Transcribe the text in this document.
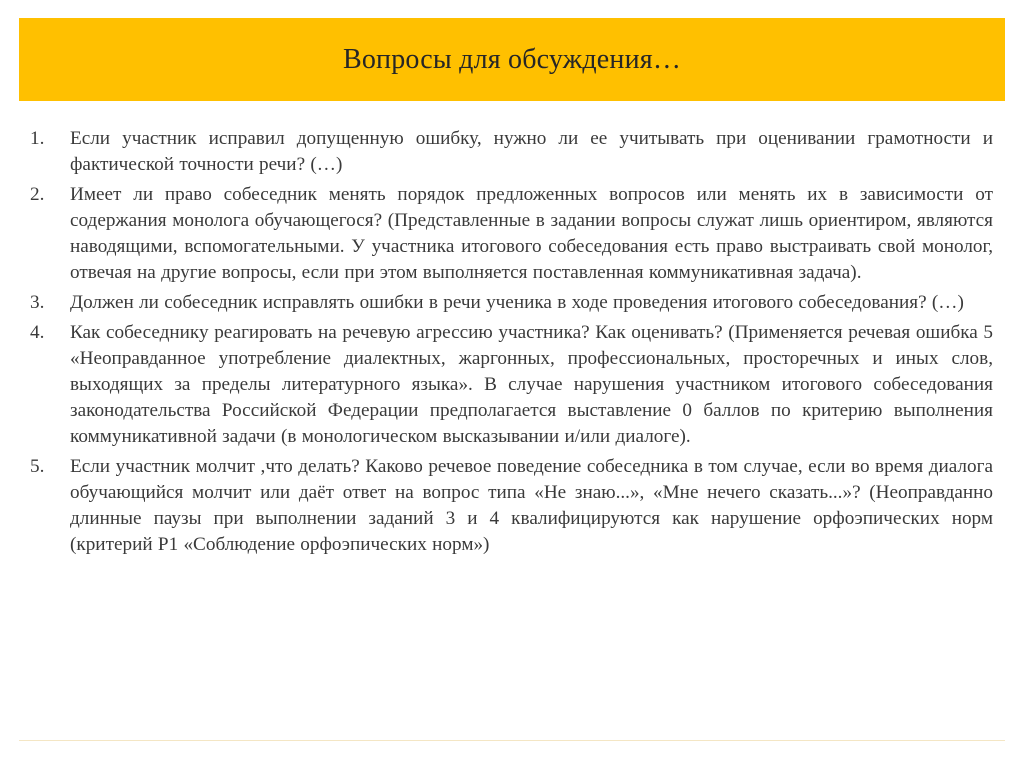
Вопросы для обсуждения…
1.	Если участник исправил допущенную ошибку, нужно ли ее учитывать при оценивании грамотности и фактической точности речи? (…)
2.	Имеет ли право собеседник менять порядок предложенных вопросов или менять их в зависимости от содержания монолога обучающегося? (Представленные в задании вопросы служат лишь ориентиром, являются наводящими, вспомогательными. У участника итогового собеседования есть право выстраивать свой монолог, отвечая на другие вопросы, если при этом выполняется поставленная коммуникативная задача).
3.	Должен ли собеседник исправлять ошибки в речи ученика в ходе проведения итогового собеседования? (…)
4.	Как собеседнику реагировать на речевую агрессию участника? Как оценивать? (Применяется речевая ошибка 5 «Неоправданное употребление диалектных, жаргонных, профессиональных, просторечных и иных слов, выходящих за пределы литературного языка». В случае нарушения участником итогового собеседования законодательства Российской Федерации предполагается выставление 0 баллов по критерию выполнения коммуникативной задачи (в монологическом высказывании и/или диалоге).
5.	Если участник молчит ,что делать? Каково речевое поведение собеседника в том случае, если во время диалога обучающийся молчит или даёт ответ на вопрос типа «Не знаю...», «Мне нечего сказать...»? (Неоправданно длинные паузы при выполнении заданий 3 и 4 квалифицируются как нарушение орфоэпических норм (критерий Р1 «Соблюдение орфоэпических норм»)
